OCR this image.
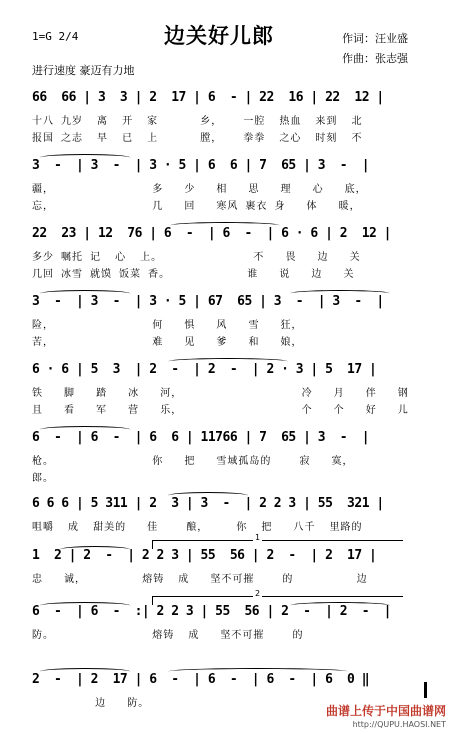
1=G 2/4	边关好儿郎	作词：汪业盛
作曲：张志强
进行速度 豪迈有力地
66  66 | 3  3 | 2  17 | 6  - | 22  16 | 22  12 |
十八 九岁  离  开  家      乡，   一腔  热血  来到  北
报国 之志  早  已  上      膛，   拳拳  之心  时刻  不
3  -  | 3  -  | 3 · 5 | 6  6 | 7  65 | 3  -  |
疆，              多   少   相   思   理   心   底，
忘，              几   回   寒风 裹衣 身   体   暖，
22  23 | 12  76 | 6  -  | 6  -  | 6 · 6 | 2  12 |
多少 嘱托 记  心  上。             不   畏   边   关
几回 冰雪 就馍 饭菜 香。           谁   说   边   关
3  -  | 3  -  | 3 · 5 | 67  65 | 3  -  | 3  -  |
险，              何   惧   风   雪   狂，
苦，              难   见   爹   和   娘，
6 · 6 | 5  3  | 2  -  | 2  -  | 2 · 3 | 5  17 |
铁   脚   踏   冰   河，                 冷   月   伴   钢
且   看   军   营   乐，                 个   个   好   儿
6  -  | 6  -  | 6  6 | 11766 | 7  65 | 3  -  |
枪。              你   把   雪域孤岛的    寂   寞，
郎。
6 6 6 | 5 311 | 2  3 | 3  -  | 2 2 3 | 55  321 |
咀嚼  成  甜美的   佳    酿，    你  把   八千  里路的
1
1  2 | 2  -  | 2 2 3 | 55  56 | 2  -  | 2  17 |
忠   诚，        熔铸  成   坚不可摧    的         边
2
6  -  | 6  -  :| 2 2 3 | 55  56 | 2  -  | 2  -  |
防。              熔铸  成   坚不可摧    的
2  -  | 2  17 | 6  -  | 6  -  | 6  -  | 6  0 ‖
边   防。
曲谱上传于中国曲谱网
http://QUPU.HAOSI.NET
